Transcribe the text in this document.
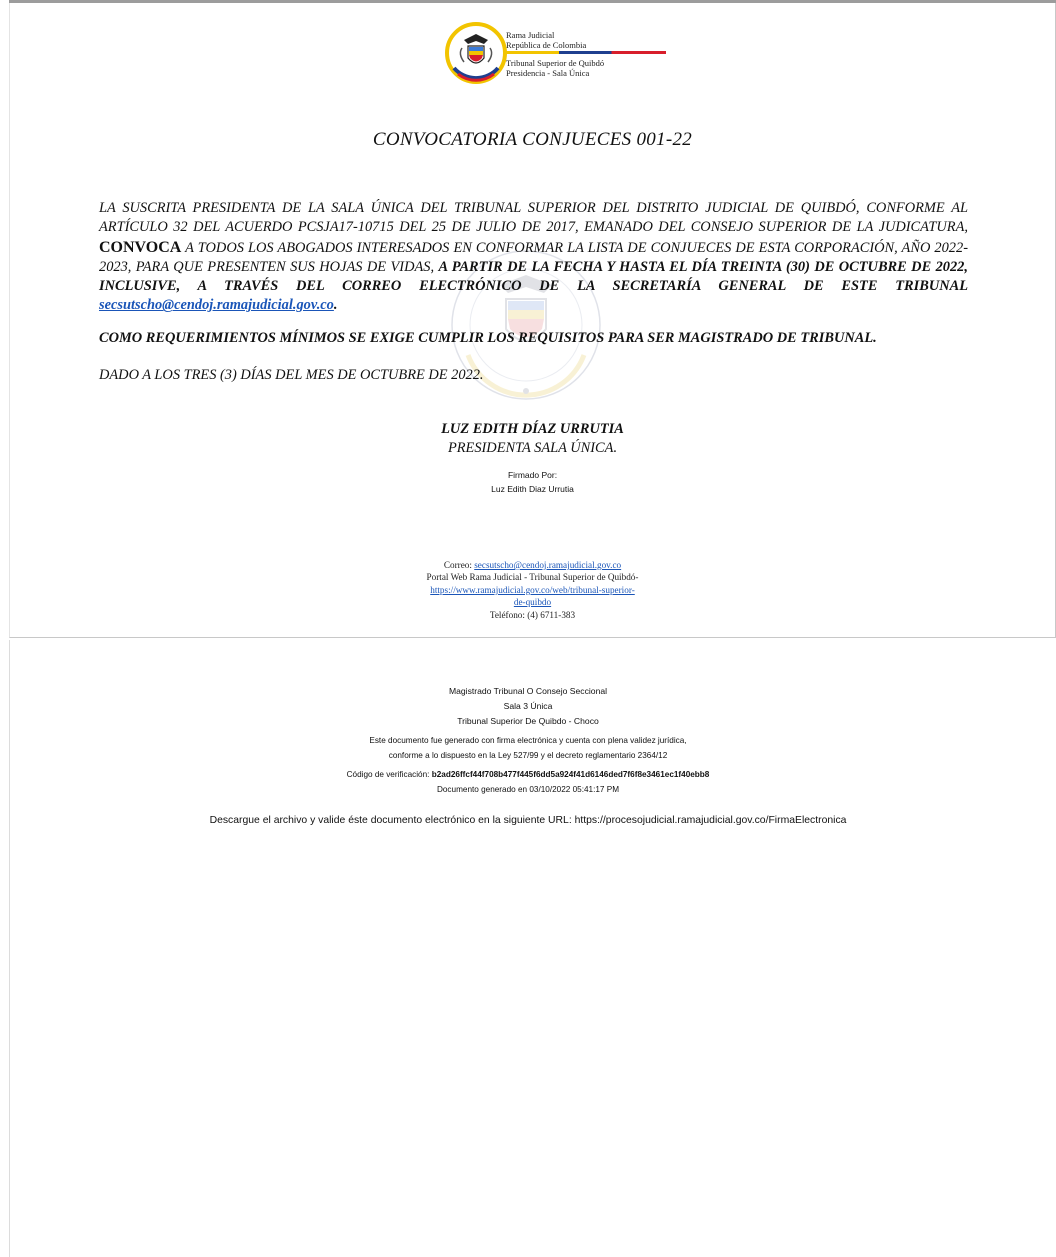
Rama Judicial
República de Colombia
Tribunal Superior de Quibdó
Presidencia - Sala Única
CONVOCATORIA CONJUECES 001-22
LA SUSCRITA PRESIDENTA DE LA SALA ÚNICA DEL TRIBUNAL SUPERIOR DEL DISTRITO JUDICIAL DE QUIBDÓ, CONFORME AL ARTÍCULO 32 DEL ACUERDO PCSJA17-10715 DEL 25 DE JULIO DE 2017, EMANADO DEL CONSEJO SUPERIOR DE LA JUDICATURA, CONVOCA A TODOS LOS ABOGADOS INTERESADOS EN CONFORMAR LA LISTA DE CONJUECES DE ESTA CORPORACIÓN, AÑO 2022-2023, PARA QUE PRESENTEN SUS HOJAS DE VIDAS, A PARTIR DE LA FECHA Y HASTA EL DÍA TREINTA (30) DE OCTUBRE DE 2022, INCLUSIVE, A TRAVÉS DEL CORREO ELECTRÓNICO DE LA SECRETARÍA GENERAL DE ESTE TRIBUNAL secsutscho@cendoj.ramajudicial.gov.co.
COMO REQUERIMIENTOS MÍNIMOS SE EXIGE CUMPLIR LOS REQUISITOS PARA SER MAGISTRADO DE TRIBUNAL.
DADO A LOS TRES (3) DÍAS DEL MES DE OCTUBRE DE 2022.
LUZ EDITH DÍAZ URRUTIA
PRESIDENTA SALA ÚNICA.
Firmado Por:
Luz Edith Diaz Urrutia
Correo: secsutscho@cendoj.ramajudicial.gov.co
Portal Web Rama Judicial - Tribunal Superior de Quibdó-
https://www.ramajudicial.gov.co/web/tribunal-superior-
de-quibdo
Teléfono: (4) 6711-383
Magistrado Tribunal O Consejo Seccional
Sala 3 Única
Tribunal Superior De Quibdo - Choco
Este documento fue generado con firma electrónica y cuenta con plena validez jurídica,
conforme a lo dispuesto en la Ley 527/99 y el decreto reglamentario 2364/12
Código de verificación: b2ad26ffcf44f708b477f445f6dd5a924f41d6146ded7f6f8e3461ec1f40ebb8
Documento generado en 03/10/2022 05:41:17 PM
Descargue el archivo y valide éste documento electrónico en la siguiente URL: https://procesojudicial.ramajudicial.gov.co/FirmaElectronica
